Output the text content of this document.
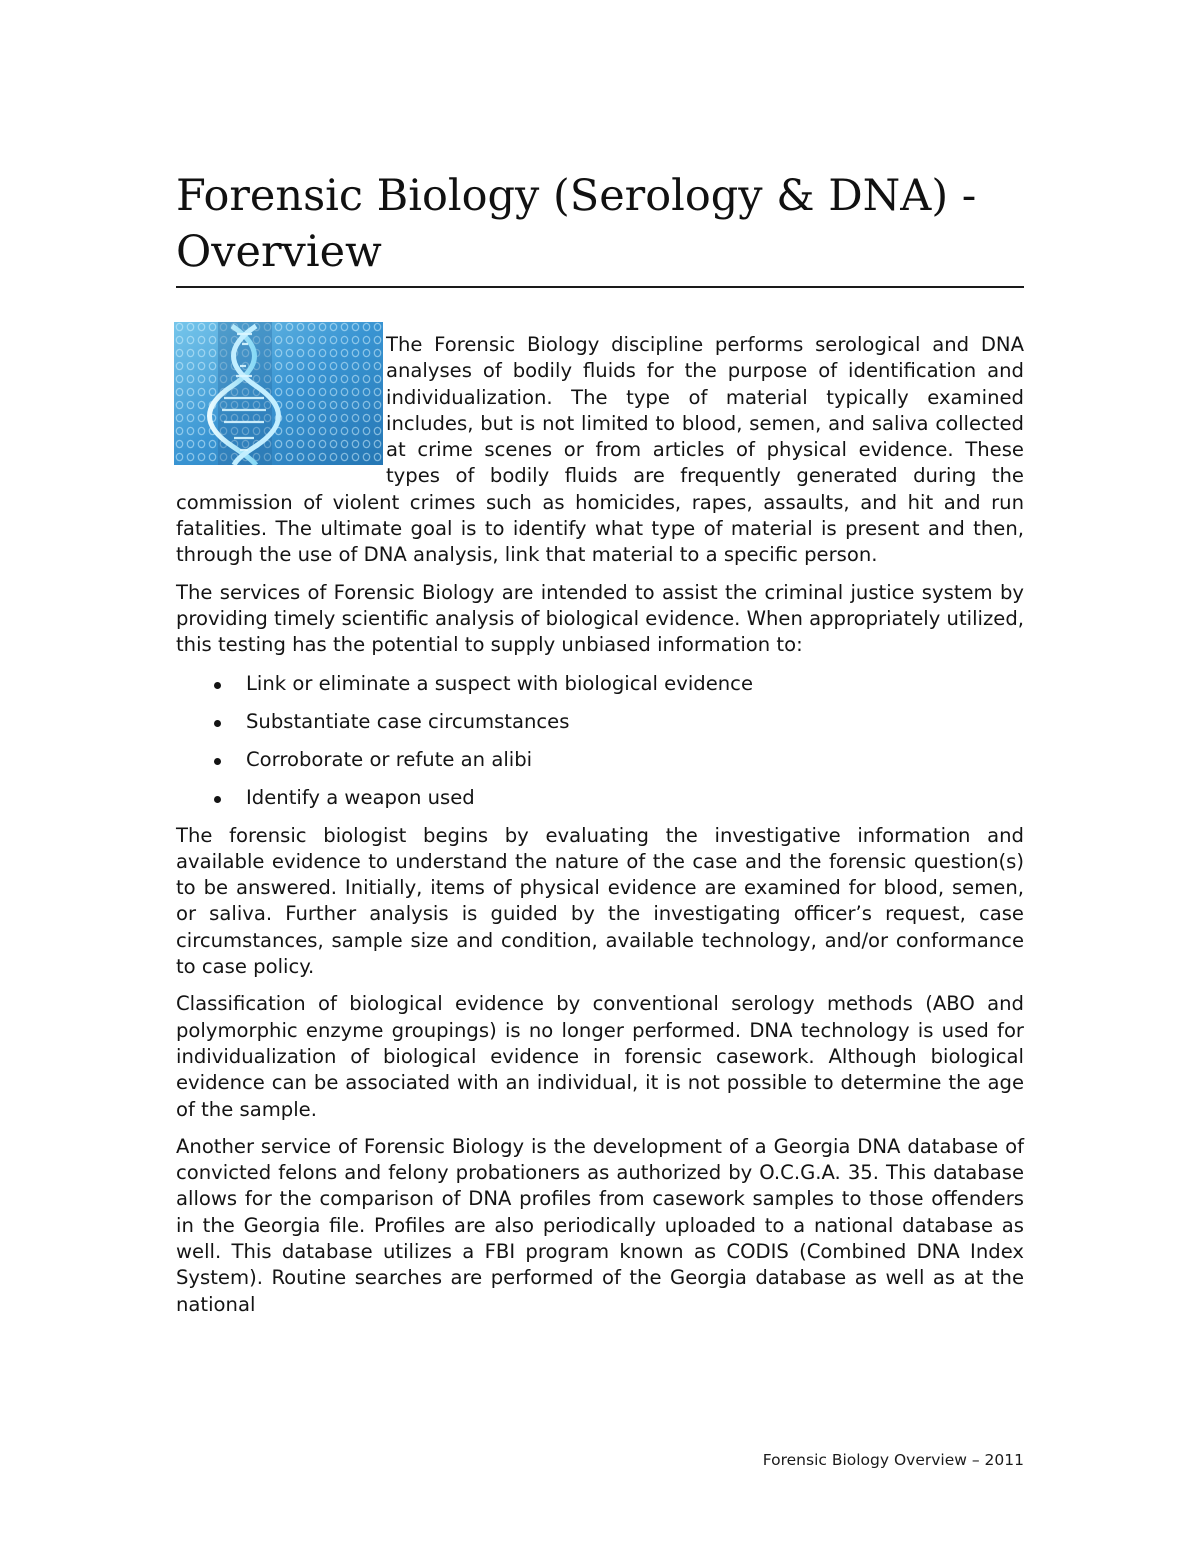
Forensic Biology (Serology & DNA) - Overview

The Forensic Biology discipline performs serological and DNA analyses of bodily fluids for the purpose of identification and individualization. The type of material typically examined includes, but is not limited to blood, semen, and saliva collected at crime scenes or from articles of physical evidence. These types of bodily fluids are frequently generated during the commission of violent crimes such as homicides, rapes, assaults, and hit and run fatalities. The ultimate goal is to identify what type of material is present and then, through the use of DNA analysis, link that material to a specific person.

The services of Forensic Biology are intended to assist the criminal justice system by providing timely scientific analysis of biological evidence. When appropriately utilized, this testing has the potential to supply unbiased information to:

Link or eliminate a suspect with biological evidence
Substantiate case circumstances
Corroborate or refute an alibi
Identify a weapon used

The forensic biologist begins by evaluating the investigative information and available evidence to understand the nature of the case and the forensic question(s) to be answered. Initially, items of physical evidence are examined for blood, semen, or saliva. Further analysis is guided by the investigating officer’s request, case circumstances, sample size and condition, available technology, and/or conformance to case policy.

Classification of biological evidence by conventional serology methods (ABO and polymorphic enzyme groupings) is no longer performed. DNA technology is used for individualization of biological evidence in forensic casework. Although biological evidence can be associated with an individual, it is not possible to determine the age of the sample.

Another service of Forensic Biology is the development of a Georgia DNA database of convicted felons and felony probationers as authorized by O.C.G.A. 35. This database allows for the comparison of DNA profiles from casework samples to those offenders in the Georgia file. Profiles are also periodically uploaded to a national database as well. This database utilizes a FBI program known as CODIS (Combined DNA Index System). Routine searches are performed of the Georgia database as well as at the national

Forensic Biology Overview – 2011
